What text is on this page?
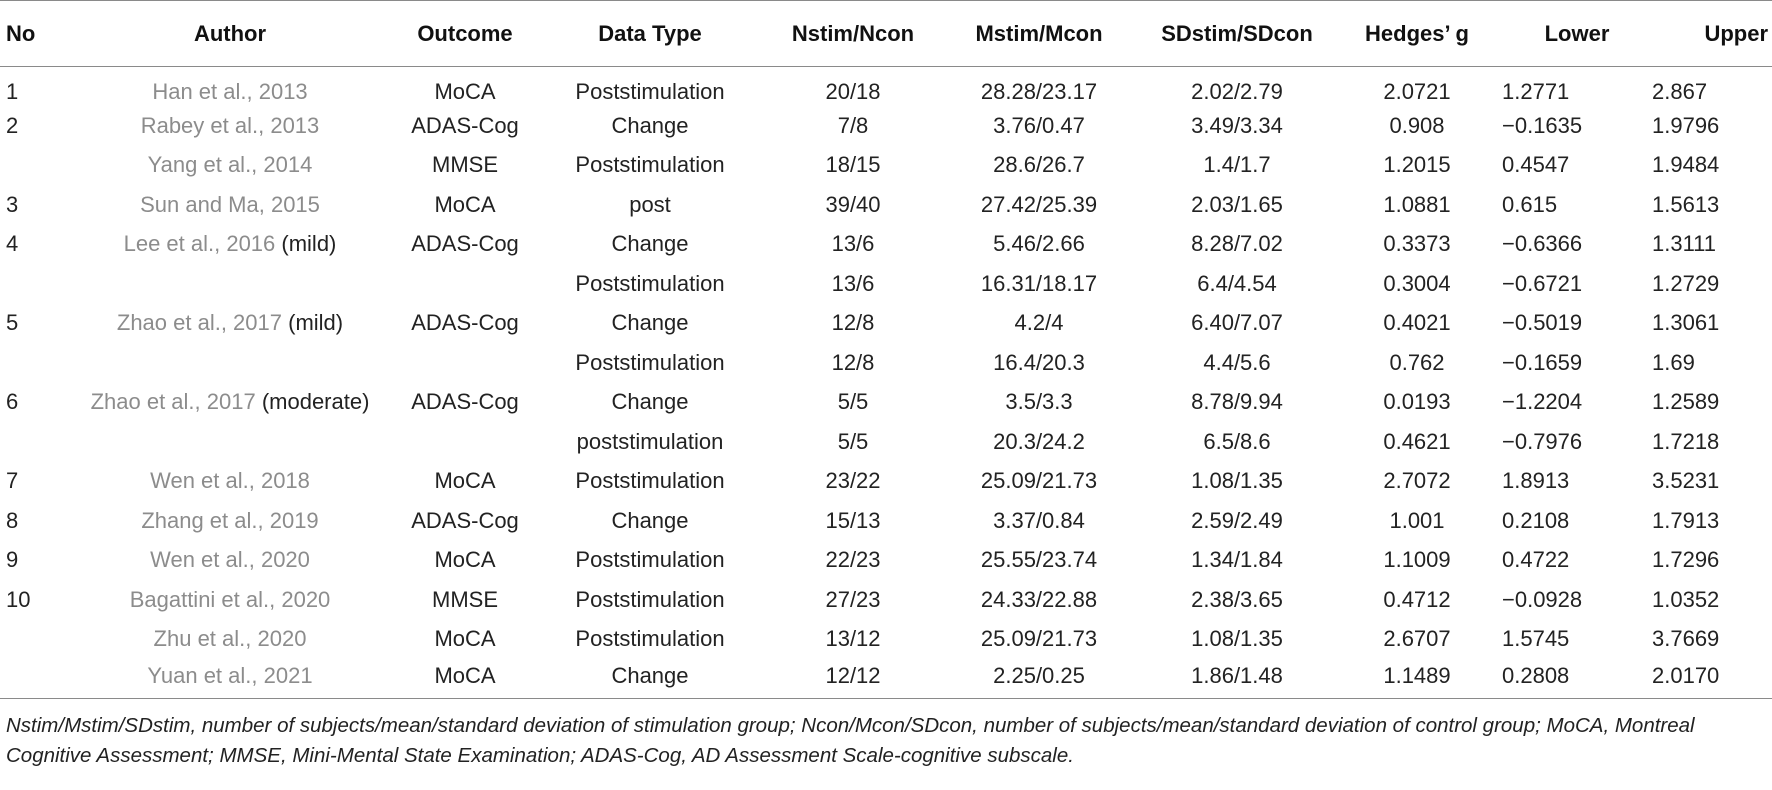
No	Author	Outcome	Data Type	Nstim/Ncon	Mstim/Mcon	SDstim/SDcon	Hedges’ g	Lower	Upper
1	Han et al., 2013	MoCA	Poststimulation	20/18	28.28/23.17	2.02/2.79	2.0721	1.2771	2.867
2	Rabey et al., 2013	ADAS-Cog	Change	7/8	3.76/0.47	3.49/3.34	0.908	−0.1635	1.9796
	Yang et al., 2014	MMSE	Poststimulation	18/15	28.6/26.7	1.4/1.7	1.2015	0.4547	1.9484
3	Sun and Ma, 2015	MoCA	post	39/40	27.42/25.39	2.03/1.65	1.0881	0.615	1.5613
4	Lee et al., 2016 (mild)	ADAS-Cog	Change	13/6	5.46/2.66	8.28/7.02	0.3373	−0.6366	1.3111
			Poststimulation	13/6	16.31/18.17	6.4/4.54	0.3004	−0.6721	1.2729
5	Zhao et al., 2017 (mild)	ADAS-Cog	Change	12/8	4.2/4	6.40/7.07	0.4021	−0.5019	1.3061
			Poststimulation	12/8	16.4/20.3	4.4/5.6	0.762	−0.1659	1.69
6	Zhao et al., 2017 (moderate)	ADAS-Cog	Change	5/5	3.5/3.3	8.78/9.94	0.0193	−1.2204	1.2589
			poststimulation	5/5	20.3/24.2	6.5/8.6	0.4621	−0.7976	1.7218
7	Wen et al., 2018	MoCA	Poststimulation	23/22	25.09/21.73	1.08/1.35	2.7072	1.8913	3.5231
8	Zhang et al., 2019	ADAS-Cog	Change	15/13	3.37/0.84	2.59/2.49	1.001	0.2108	1.7913
9	Wen et al., 2020	MoCA	Poststimulation	22/23	25.55/23.74	1.34/1.84	1.1009	0.4722	1.7296
10	Bagattini et al., 2020	MMSE	Poststimulation	27/23	24.33/22.88	2.38/3.65	0.4712	−0.0928	1.0352
	Zhu et al., 2020	MoCA	Poststimulation	13/12	25.09/21.73	1.08/1.35	2.6707	1.5745	3.7669
	Yuan et al., 2021	MoCA	Change	12/12	2.25/0.25	1.86/1.48	1.1489	0.2808	2.0170
Nstim/Mstim/SDstim, number of subjects/mean/standard deviation of stimulation group; Ncon/Mcon/SDcon, number of subjects/mean/standard deviation of control group; MoCA, Montreal Cognitive Assessment; MMSE, Mini-Mental State Examination; ADAS-Cog, AD Assessment Scale-cognitive subscale.
